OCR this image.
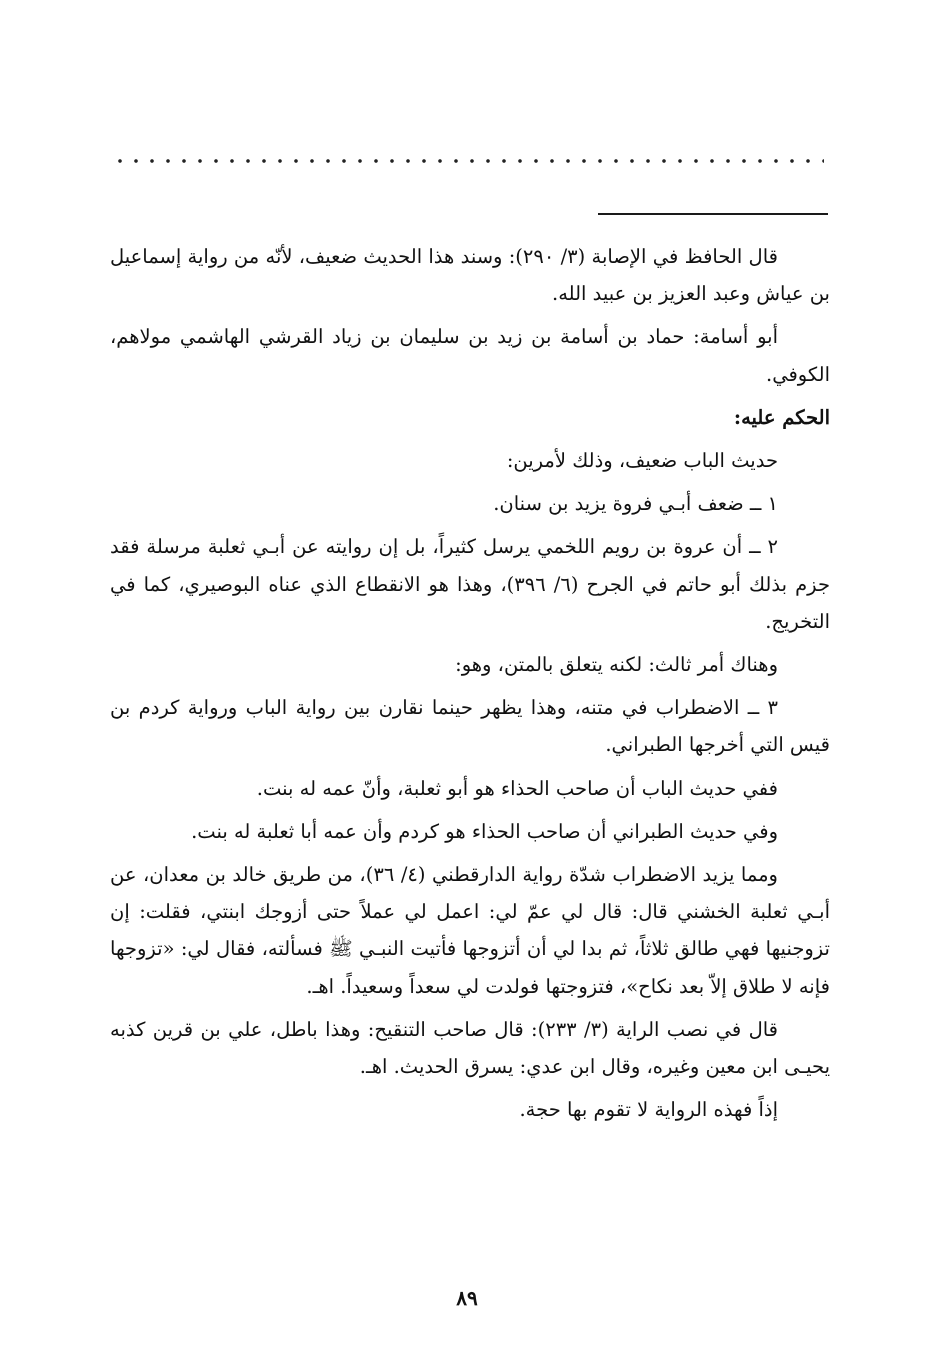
قال الحافظ في الإصابة (٣/ ٢٩٠): وسند هذا الحديث ضعيف، لأنّه من رواية إسماعيل بن عياش وعبد العزيز بن عبيد الله.

أبو أسامة: حماد بن أسامة بن زيد بن سليمان بن زياد القرشي الهاشمي مولاهم، الكوفي.

الحكم عليه:

حديث الباب ضعيف، وذلك لأمرين:

١ ــ ضعف أبـي فروة يزيد بن سنان.

٢ ــ أن عروة بن رويم اللخمي يرسل كثيراً، بل إن روايته عن أبـي ثعلبة مرسلة فقد جزم بذلك أبو حاتم في الجرح (٦/ ٣٩٦)، وهذا هو الانقطاع الذي عناه البوصيري، كما في التخريج.

وهناك أمر ثالث: لكنه يتعلق بالمتن، وهو:

٣ ــ الاضطراب في متنه، وهذا يظهر حينما نقارن بين رواية الباب ورواية كردم بن قيس التي أخرجها الطبراني.

ففي حديث الباب أن صاحب الحذاء هو أبو ثعلبة، وأنّ عمه له بنت.

وفي حديث الطبراني أن صاحب الحذاء هو كردم وأن عمه أبا ثعلبة له بنت.

ومما يزيد الاضطراب شدّة رواية الدارقطني (٤/ ٣٦)، من طريق خالد بن معدان، عن أبـي ثعلبة الخشني قال: قال لي عمّ لي: اعمل لي عملاً حتى أزوجك ابنتي، فقلت: إن تزوجنيها فهي طالق ثلاثاً، ثم بدا لي أن أتزوجها فأتيت النبـي ﷺ فسألته، فقال لي: «تزوجها فإنه لا طلاق إلاّ بعد نكاح»، فتزوجتها فولدت لي سعداً وسعيداً. اهـ.

قال في نصب الراية (٣/ ٢٣٣): قال صاحب التنقيح: وهذا باطل، علي بن قرين كذبه يحيـى ابن معين وغيره، وقال ابن عدي: يسرق الحديث. اهـ.

إذاً فهذه الرواية لا تقوم بها حجة.

٨٩
